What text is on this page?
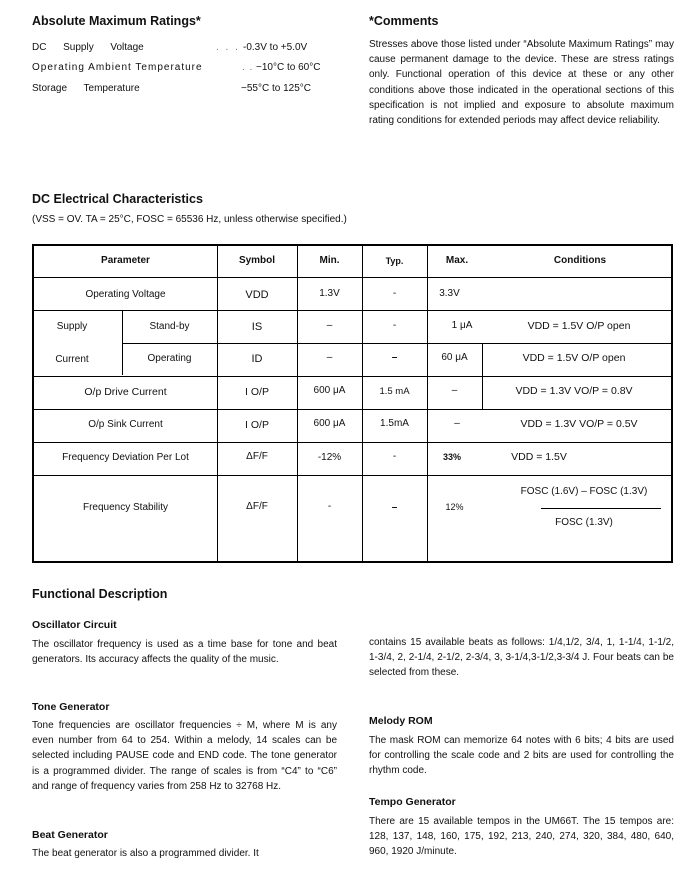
Absolute Maximum Ratings*
DC      Supply      Voltage	. . . -0.3V to +5.0V
Operating Ambient Temperature	. . −10°C to 60°C
Storage      Temperature	−55°C to 125°C
*Comments
Stresses above those listed under “Absolute Maximum Ratings” may cause permanent damage to the device. These are stress ratings only. Functional operation of this device at these or any other conditions above those indicated in the operational sections of this specification is not implied and exposure to absolute maximum rating conditions for extended periods may affect device reliability.
DC Electrical Characteristics
(VSS = OV. TA = 25°C, FOSC = 65536 Hz, unless otherwise specified.)
Parameter	Symbol	Min.	Typ.	Max.	Conditions
Operating Voltage	VDD	1.3V	-	3.3V
Supply
Current
Stand-by	IS	–	-	1 μA	VDD = 1.5V O/P open
Operating	ID	–	–	60 μA	VDD = 1.5V O/P open
O/p Drive Current	I O/P	600 μA	1.5 mA	–	VDD = 1.3V VO/P = 0.8V
O/p Sink Current	I O/P	600 μA	1.5mA	–	VDD = 1.3V VO/P = 0.5V
Frequency Deviation Per Lot	ΔF/F	-12%	-	33%	VDD = 1.5V
Frequency Stability	ΔF/F	-	–	12%
FOSC (1.6V) – FOSC (1.3V)
FOSC (1.3V)
Functional Description
Oscillator Circuit
The oscillator frequency is used as a time base for tone and beat generators. Its accuracy affects the quality of the music.
Tone Generator
Tone frequencies are oscillator frequencies ÷ M, where M is any even number from 64 to 254. Within a melody, 14 scales can be selected including PAUSE code and END code. The tone generator is a programmed divider. The range of scales is from “C4” to “C6” and range of frequency varies from 258 Hz to 32768 Hz.
Beat Generator
The beat generator is also a programmed divider. It
contains 15 available beats as follows: 1/4,1/2, 3/4, 1, 1-1/4, 1-1/2, 1-3/4, 2, 2-1/4, 2-1/2, 2-3/4, 3, 3-1/4,3-1/2,3-3/4 J. Four beats can be selected from these.
Melody ROM
The mask ROM can memorize 64 notes with 6 bits; 4 bits are used for controlling the scale code and 2 bits are used for controlling the rhythm code.
Tempo Generator
There are 15 available tempos in the UM66T. The 15 tempos are: 128, 137, 148, 160, 175, 192, 213, 240, 274, 320, 384, 480, 640, 960, 1920 J/minute.
